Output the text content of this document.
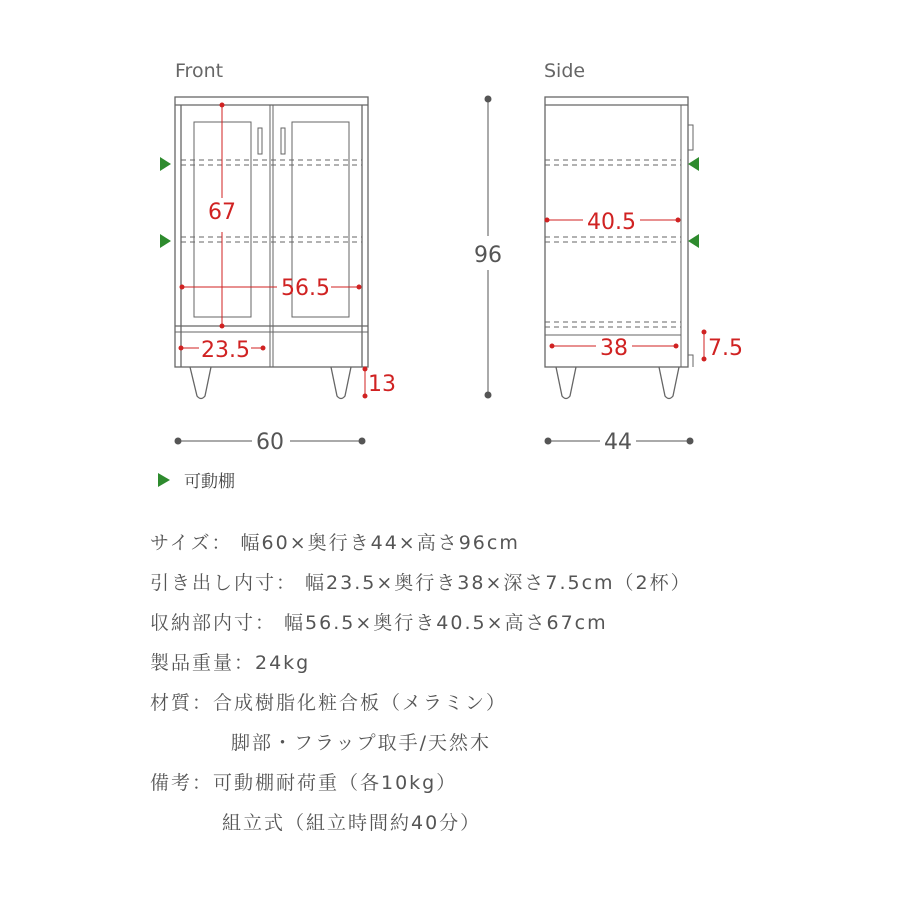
Front
67
56.5
23.5
13
60
96
Side
40.5
38	7.5
44
可動棚
サイズ： 幅60×奥行き44×高さ96cm
引き出し内寸： 幅23.5×奥行き38×深さ7.5cm（2杯）
収納部内寸： 幅56.5×奥行き40.5×高さ67cm
製品重量：24kg
材質：合成樹脂化粧合板（メラミン）
脚部・フラップ取手/天然木
備考：可動棚耐荷重（各10kg）
組立式（組立時間約40分）
